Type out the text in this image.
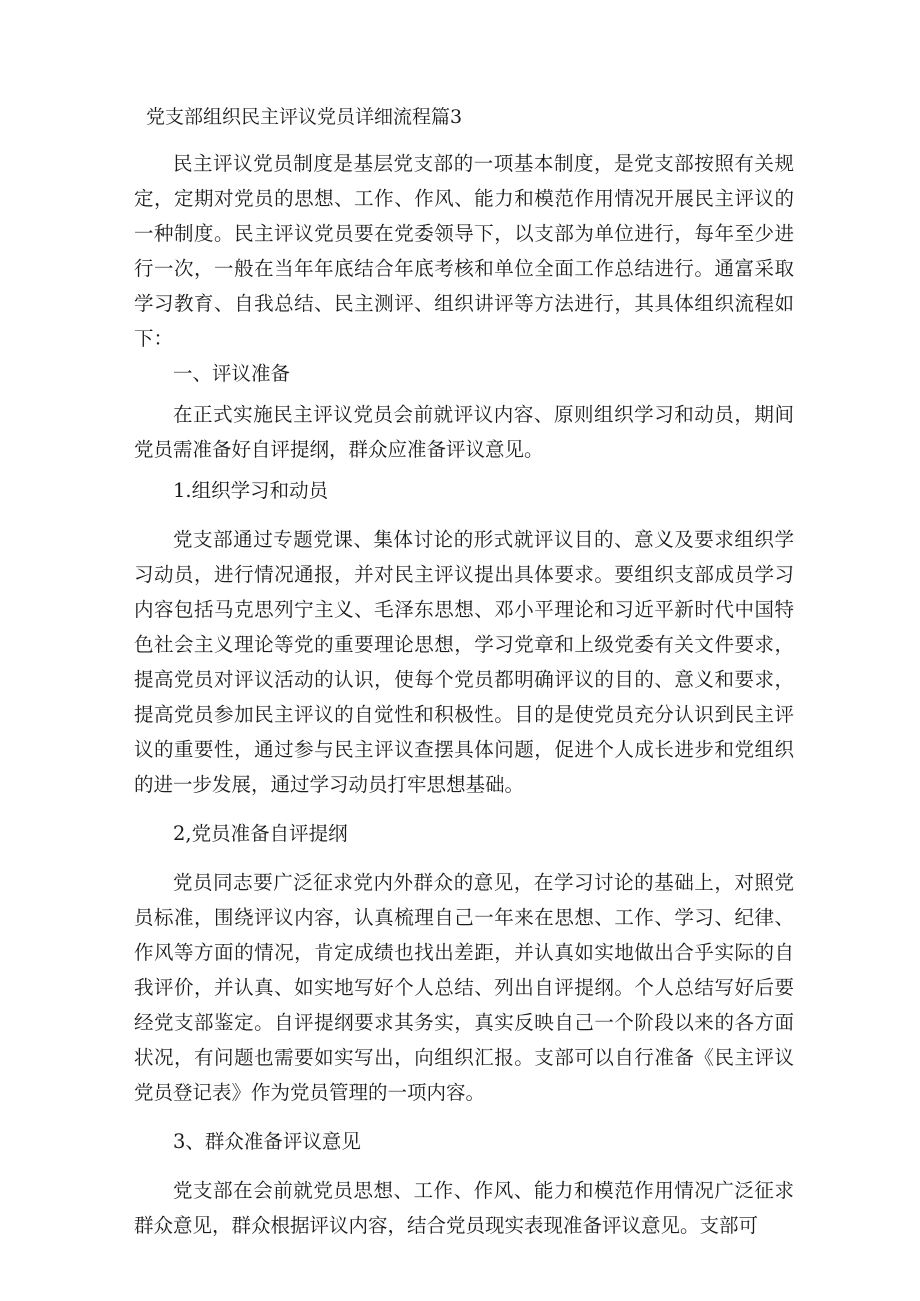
党支部组织民主评议党员详细流程篇3

民主评议党员制度是基层党支部的一项基本制度，是党支部按照有关规定，定期对党员的思想、工作、作风、能力和模范作用情况开展民主评议的一种制度。民主评议党员要在党委领导下，以支部为单位进行，每年至少进行一次，一般在当年年底结合年底考核和单位全面工作总结进行。通富采取学习教育、自我总结、民主测评、组织讲评等方法进行，其具体组织流程如下：

一、评议准备

在正式实施民主评议党员会前就评议内容、原则组织学习和动员，期间党员需准备好自评提纲，群众应准备评议意见。

1.组织学习和动员

党支部通过专题党课、集体讨论的形式就评议目的、意义及要求组织学习动员，进行情况通报，并对民主评议提出具体要求。要组织支部成员学习内容包括马克思列宁主义、毛泽东思想、邓小平理论和习近平新时代中国特色社会主义理论等党的重要理论思想，学习党章和上级党委有关文件要求，提高党员对评议活动的认识，使每个党员都明确评议的目的、意义和要求，提高党员参加民主评议的自觉性和积极性。目的是使党员充分认识到民主评议的重要性，通过参与民主评议查摆具体问题，促进个人成长进步和党组织的进一步发展，通过学习动员打牢思想基础。

2,党员准备自评提纲

党员同志要广泛征求党内外群众的意见，在学习讨论的基础上，对照党员标准，围绕评议内容，认真梳理自己一年来在思想、工作、学习、纪律、作风等方面的情况，肯定成绩也找出差距，并认真如实地做出合乎实际的自我评价，并认真、如实地写好个人总结、列出自评提纲。个人总结写好后要经党支部鉴定。自评提纲要求其务实，真实反映自己一个阶段以来的各方面状况，有问题也需要如实写出，向组织汇报。支部可以自行准备《民主评议党员登记表》作为党员管理的一项内容。

3、群众准备评议意见

党支部在会前就党员思想、工作、作风、能力和模范作用情况广泛征求群众意见，群众根据评议内容，结合党员现实表现准备评议意见。支部可
